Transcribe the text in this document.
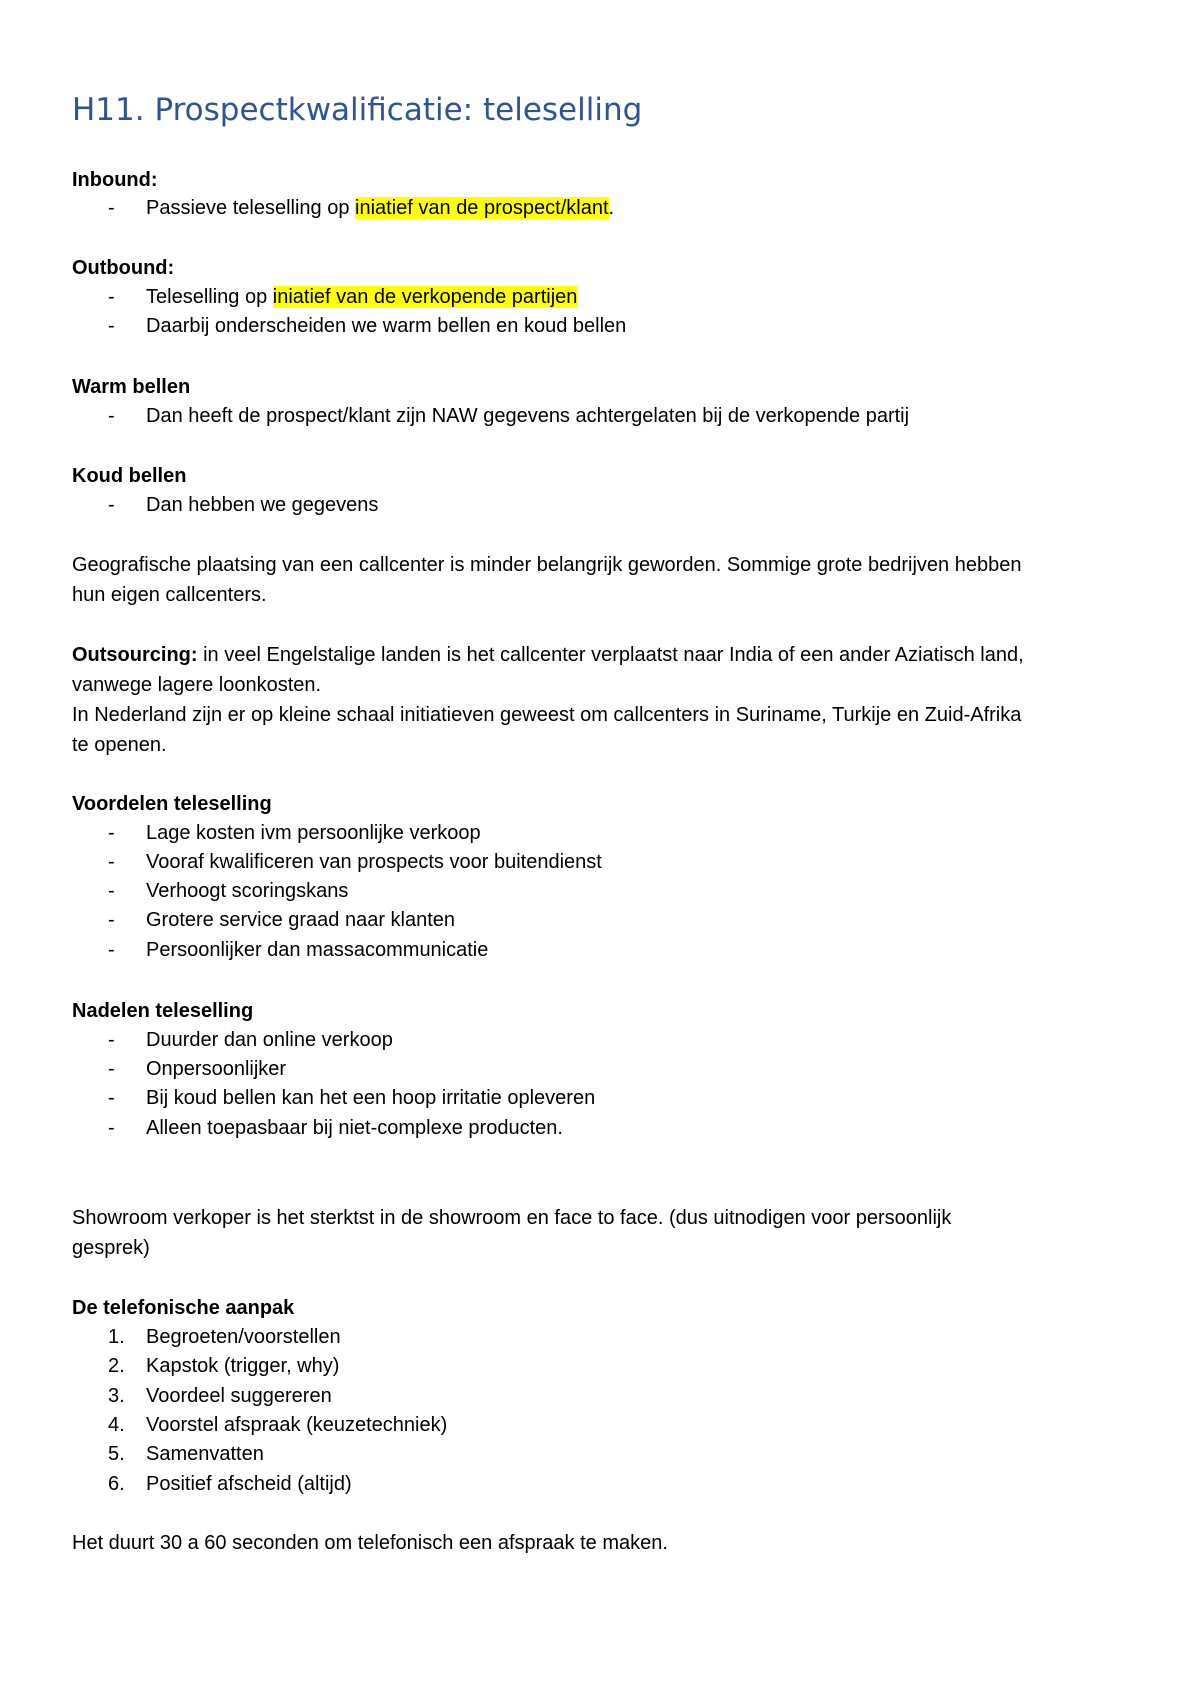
H11. Prospectkwalificatie: teleselling
Inbound:
- Passieve teleselling op iniatief van de prospect/klant.
Outbound:
- Teleselling op iniatief van de verkopende partijen
- Daarbij onderscheiden we warm bellen en koud bellen
Warm bellen
- Dan heeft de prospect/klant zijn NAW gegevens achtergelaten bij de verkopende partij
Koud bellen
- Dan hebben we gegevens
Geografische plaatsing van een callcenter is minder belangrijk geworden. Sommige grote bedrijven hebben
hun eigen callcenters.
Outsourcing: in veel Engelstalige landen is het callcenter verplaatst naar India of een ander Aziatisch land,
vanwege lagere loonkosten.
In Nederland zijn er op kleine schaal initiatieven geweest om callcenters in Suriname, Turkije en Zuid-Afrika
te openen.
Voordelen teleselling
- Lage kosten ivm persoonlijke verkoop
- Vooraf kwalificeren van prospects voor buitendienst
- Verhoogt scoringskans
- Grotere service graad naar klanten
- Persoonlijker dan massacommunicatie
Nadelen teleselling
- Duurder dan online verkoop
- Onpersoonlijker
- Bij koud bellen kan het een hoop irritatie opleveren
- Alleen toepasbaar bij niet-complexe producten.
Showroom verkoper is het sterktst in de showroom en face to face. (dus uitnodigen voor persoonlijk
gesprek)
De telefonische aanpak
1. Begroeten/voorstellen
2. Kapstok (trigger, why)
3. Voordeel suggereren
4. Voorstel afspraak (keuzetechniek)
5. Samenvatten
6. Positief afscheid (altijd)
Het duurt 30 a 60 seconden om telefonisch een afspraak te maken.
